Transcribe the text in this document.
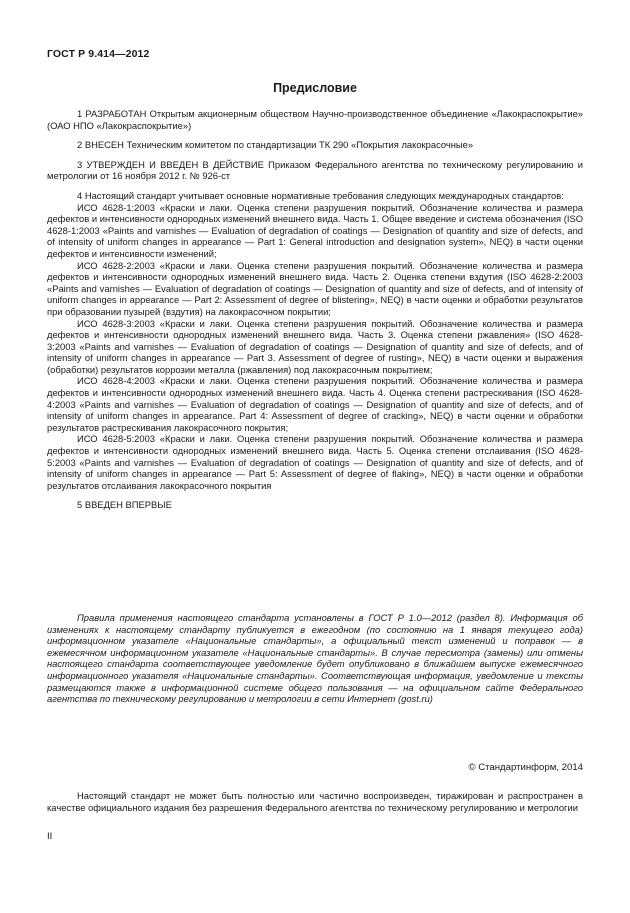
ГОСТ Р 9.414—2012
Предисловие

1 РАЗРАБОТАН Открытым акционерным обществом Научно-производственное объединение «Лакокраспокрытие» (ОАО НПО «Лакокраспокрытие»)

2 ВНЕСЕН Техническим комитетом по стандартизации ТК 290 «Покрытия лакокрасочные»

3 УТВЕРЖДЕН И ВВЕДЕН В ДЕЙСТВИЕ Приказом Федерального агентства по техническому регулированию и метрологии от 16 ноября 2012 г. № 926-ст

4 Настоящий стандарт учитывает основные нормативные требования следующих международных стандартов:

ИСО 4628-1:2003 «Краски и лаки. Оценка степени разрушения покрытий. Обозначение количества и размера дефектов и интенсивности однородных изменений внешнего вида. Часть 1. Общее введение и система обозначения (ISO 4628-1:2003 «Paints and varnishes — Evaluation of degradation of coatings — Designation of quantity and size of defects, and of intensity of uniform changes in appearance — Part 1: General introduction and designation system», NEQ) в части оценки дефектов и интенсивности изменений;

ИСО 4628-2:2003 «Краски и лаки. Оценка степени разрушения покрытий. Обозначение количества и размера дефектов и интенсивности однородных изменений внешнего вида. Часть 2. Оценка степени вздутия (ISO 4628-2:2003 «Paints and varnishes — Evaluation of degradation of coatings — Designation of quantity and size of defects, and of intensity of uniform changes in appearance — Part 2: Assessment of degree of blistering», NEQ) в части оценки и обработки результатов при образовании пузырей (вздутия) на лакокрасочном покрытии;

ИСО 4628-3:2003 «Краски и лаки. Оценка степени разрушения покрытий. Обозначение количества и размера дефектов и интенсивности однородных изменений внешнего вида. Часть 3. Оценка степени ржавления» (ISO 4628-3:2003 «Paints and varnishes — Evaluation of degradation of coatings — Designation of quantity and size of defects, and of intensity of uniform changes in appearance — Part 3. Assessment of degree of rusting», NEQ) в части оценки и выражения (обработки) результатов коррозии металла (ржавления) под лакокрасочным покрытием;

ИСО 4628-4:2003 «Краски и лаки. Оценка степени разрушения покрытий. Обозначение количества и размера дефектов и интенсивности однородных изменений внешнего вида. Часть 4. Оценка степени растрескивания (ISO 4628-4:2003 «Paints and varnishes — Evaluation of degradation of coatings — Designation of quantity and size of defects, and of intensity of uniform changes in appearance. Part 4: Assessment of degree of cracking», NEQ) в части оценки и обработки результатов растрескивания лакокрасочного покрытия;

ИСО 4628-5:2003 «Краски и лаки. Оценка степени разрушения покрытий. Обозначение количества и размера дефектов и интенсивности однородных изменений внешнего вида. Часть 5. Оценка степени отслаивания (ISO 4628-5:2003 «Paints and varnishes — Evaluation of degradation of coatings — Designation of quantity and size of defects, and of intensity of uniform changes in appearance — Part 5: Assessment of degree of flaking», NEQ) в части оценки и обработки результатов отслаивания лакокрасочного покрытия

5 ВВЕДЕН ВПЕРВЫЕ

Правила применения настоящего стандарта установлены в ГОСТ Р 1.0—2012 (раздел 8). Информация об изменениях к настоящему стандарту публикуется в ежегодном (по состоянию на 1 января текущего года) информационном указателе «Национальные стандарты», а официальный текст изменений и поправок — в ежемесячном информационном указателе «Национальные стандарты». В случае пересмотра (замены) или отмены настоящего стандарта соответствующее уведомление будет опубликовано в ближайшем выпуске ежемесячного информационного указателя «Национальные стандарты». Соответствующая информация, уведомление и тексты размещаются также в информационной системе общего пользования — на официальном сайте Федерального агентства по техническому регулированию и метрологии в сети Интернет (gost.ru)

© Стандартинформ, 2014

Настоящий стандарт не может быть полностью или частично воспроизведен, тиражирован и распространен в качестве официального издания без разрешения Федерального агентства по техническому регулированию и метрологии

II
